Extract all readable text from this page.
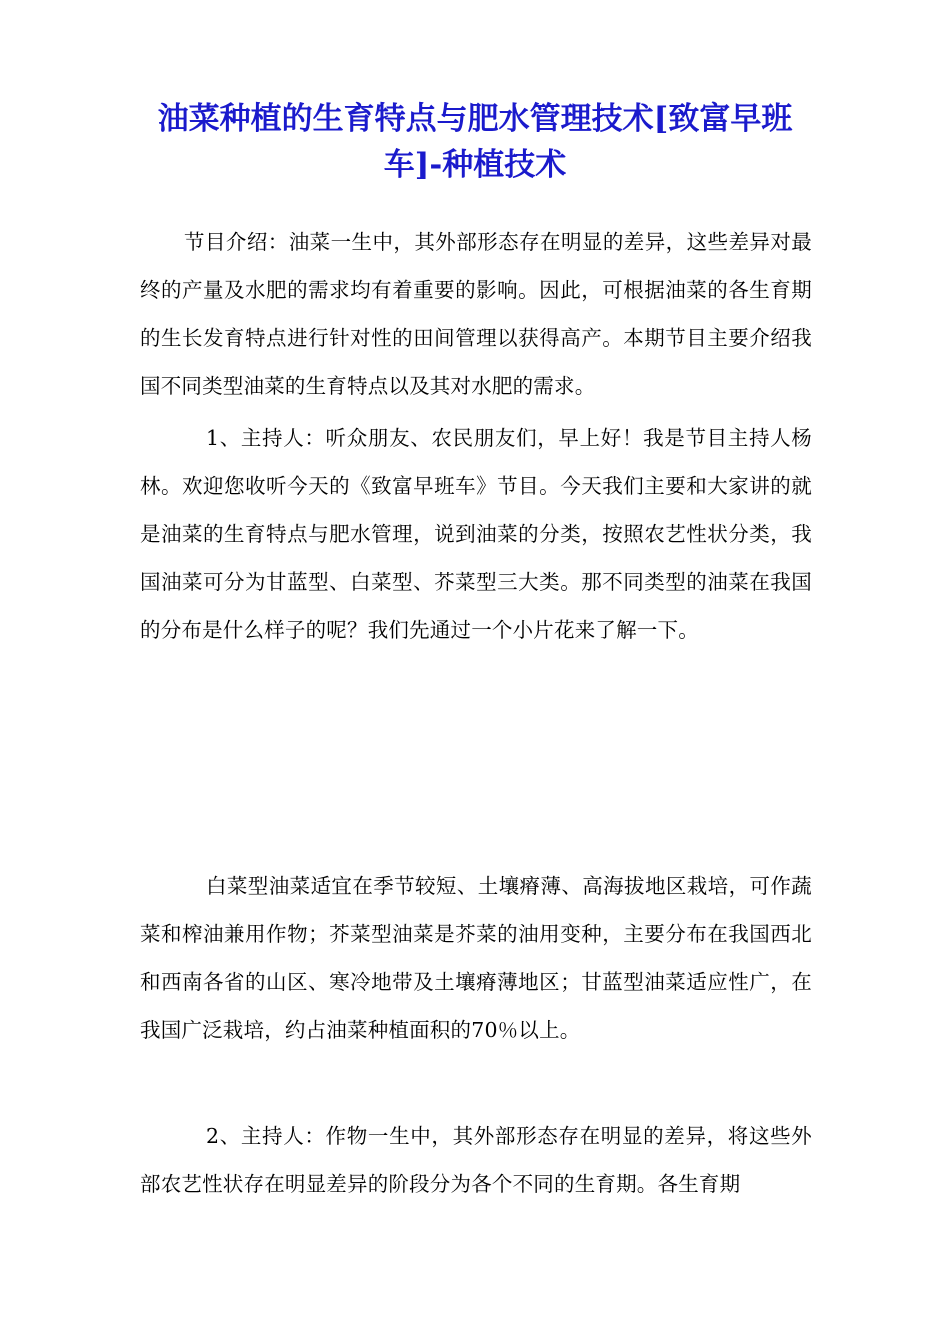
油菜种植的生育特点与肥水管理技术[致富早班车]-种植技术

节目介绍：油菜一生中，其外部形态存在明显的差异，这些差异对最终的产量及水肥的需求均有着重要的影响。因此，可根据油菜的各生育期的生长发育特点进行针对性的田间管理以获得高产。本期节目主要介绍我国不同类型油菜的生育特点以及其对水肥的需求。

1、主持人：听众朋友、农民朋友们，早上好！我是节目主持人杨林。欢迎您收听今天的《致富早班车》节目。今天我们主要和大家讲的就是油菜的生育特点与肥水管理，说到油菜的分类，按照农艺性状分类，我国油菜可分为甘蓝型、白菜型、芥菜型三大类。那不同类型的油菜在我国的分布是什么样子的呢？我们先通过一个小片花来了解一下。

白菜型油菜适宜在季节较短、土壤瘠薄、高海拔地区栽培，可作蔬菜和榨油兼用作物；芥菜型油菜是芥菜的油用变种，主要分布在我国西北和西南各省的山区、寒冷地带及土壤瘠薄地区；甘蓝型油菜适应性广，在我国广泛栽培，约占油菜种植面积的70％以上。

2、主持人：作物一生中，其外部形态存在明显的差异，将这些外部农艺性状存在明显差异的阶段分为各个不同的生育期。各生育期
